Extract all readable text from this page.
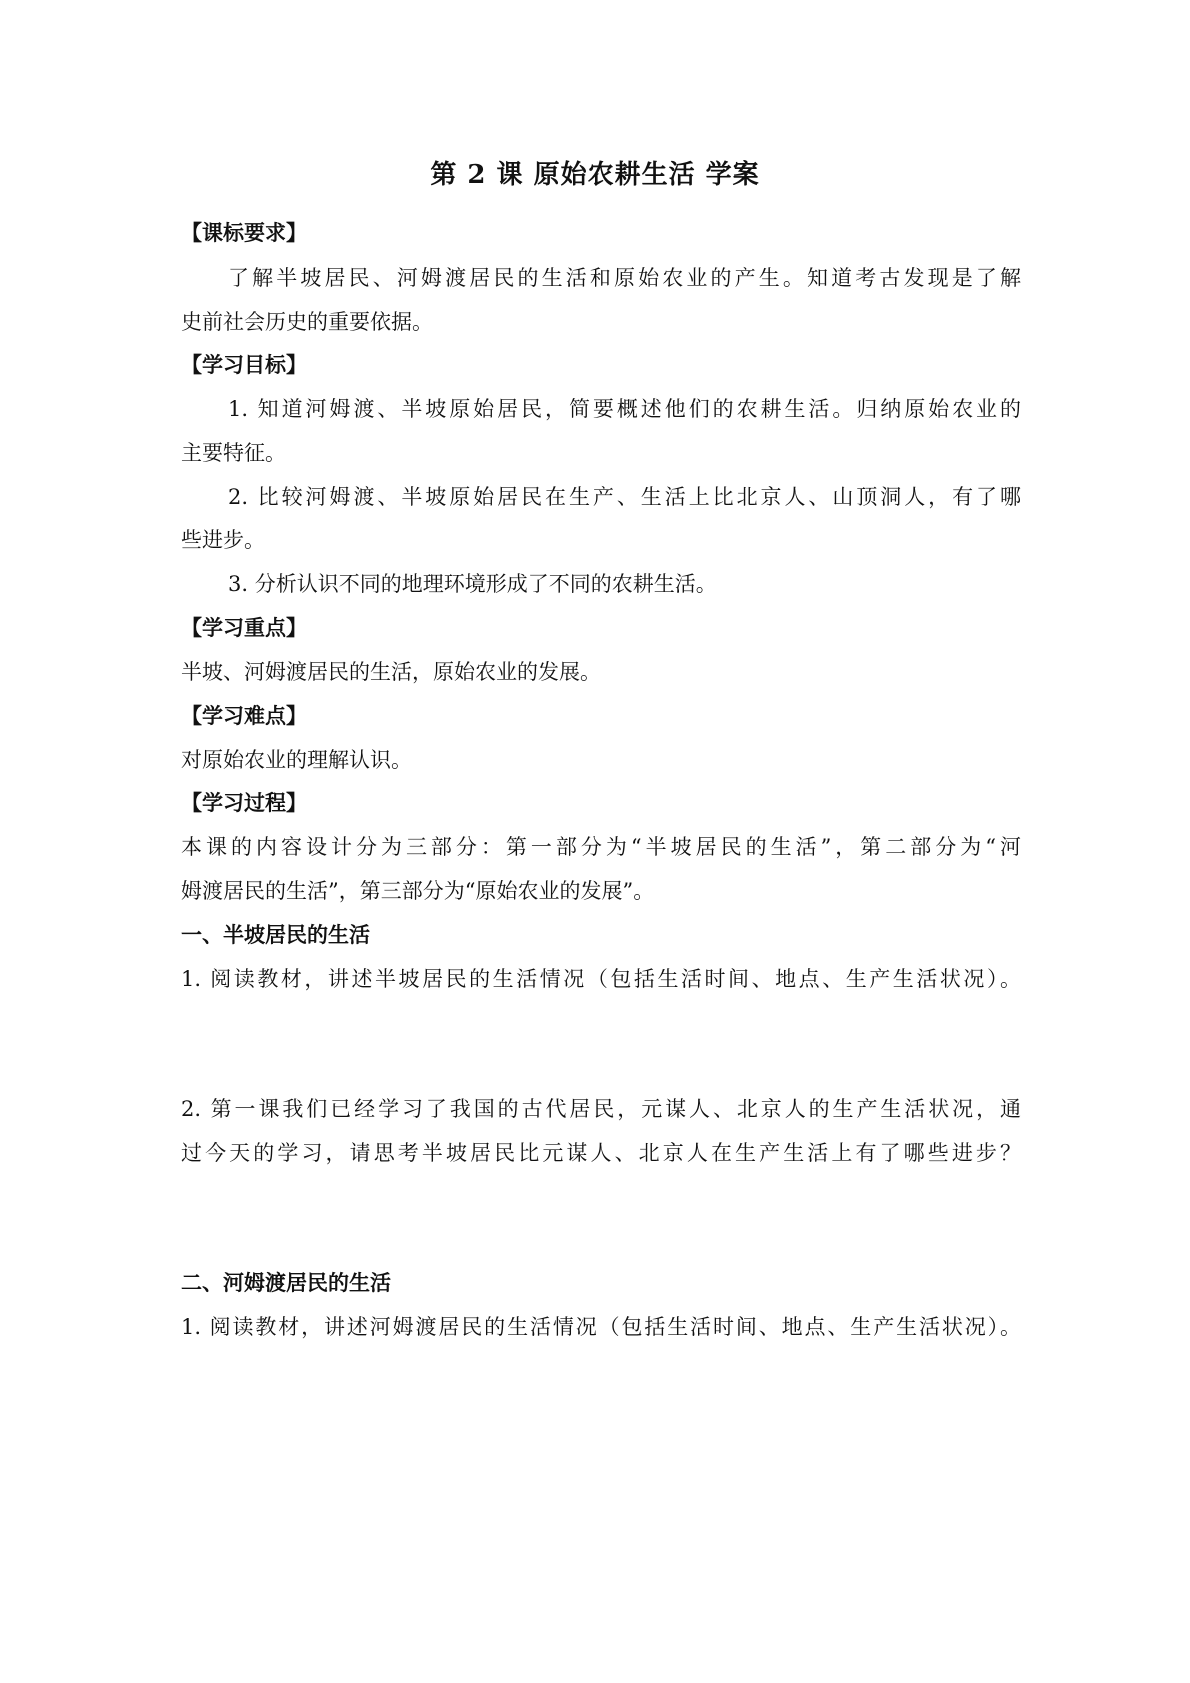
第 2 课 原始农耕生活 学案
【课标要求】
了解半坡居民、河姆渡居民的生活和原始农业的产生。知道考古发现是了解
史前社会历史的重要依据。
【学习目标】
1. 知道河姆渡、半坡原始居民，简要概述他们的农耕生活。归纳原始农业的
主要特征。
2. 比较河姆渡、半坡原始居民在生产、生活上比北京人、山顶洞人，有了哪
些进步。
3. 分析认识不同的地理环境形成了不同的农耕生活。
【学习重点】
半坡、河姆渡居民的生活，原始农业的发展。
【学习难点】
对原始农业的理解认识。
【学习过程】
本课的内容设计分为三部分：第一部分为“半坡居民的生活”，第二部分为“河
姆渡居民的生活”，第三部分为“原始农业的发展”。
一、半坡居民的生活
1. 阅读教材，讲述半坡居民的生活情况（包括生活时间、地点、生产生活状况）。
2. 第一课我们已经学习了我国的古代居民，元谋人、北京人的生产生活状况，通
过今天的学习，请思考半坡居民比元谋人、北京人在生产生活上有了哪些进步？
二、河姆渡居民的生活
1. 阅读教材，讲述河姆渡居民的生活情况（包括生活时间、地点、生产生活状况）。
